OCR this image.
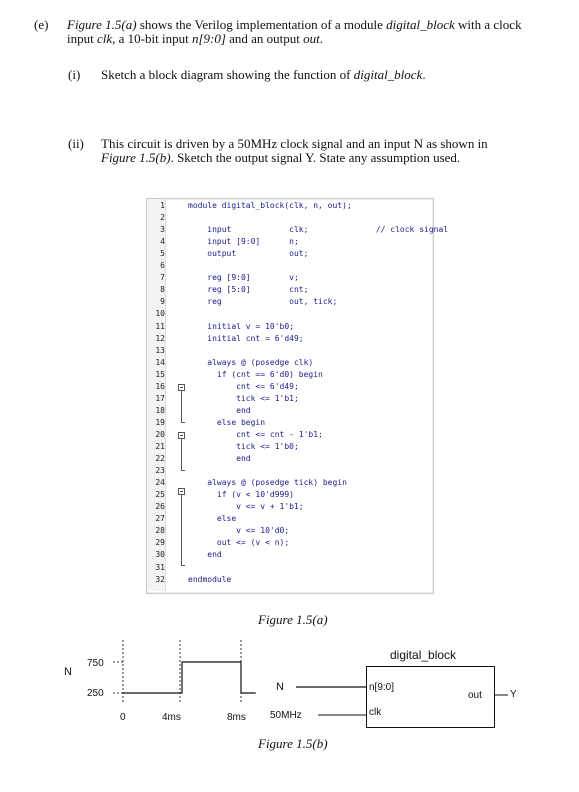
(e) Figure 1.5(a) shows the Verilog implementation of a module digital_block with a clock
input clk, a 10-bit input n[9:0] and an output out.
(i) Sketch a block diagram showing the function of digital_block.
(ii) This circuit is driven by a 50MHz clock signal and an input N as shown in
Figure 1.5(b). Sketch the output signal Y. State any assumption used.
1
2
3
4
5
6
7
8
9
10
11
12
13
14
15
16
17
18
19
20
21
22
23
24
25
26
27
28
29
30
31
32
module digital_block(clk, n, out);
input            clk;              // clock signal
input [9:0]      n;
output           out;
reg [9:0]        v;
reg [5:0]        cnt;
reg              out, tick;
initial v = 10'b0;
initial cnt = 6'd49;
always @ (posedge clk)
if (cnt == 6'd0) begin
cnt <= 6'd49;
tick <= 1'b1;
end
else begin
cnt <= cnt - 1'b1;
tick <= 1'b0;
end
always @ (posedge tick) begin
if (v < 10'd999)
v <= v + 1'b1;
else
v <= 10'd0;
out <= (v < n);
end
endmodule
Figure 1.5(a)
N
750
250
0	4ms	8ms
digital_block
n[9:0]
clk
out
N
50MHz
Y
Figure 1.5(b)
